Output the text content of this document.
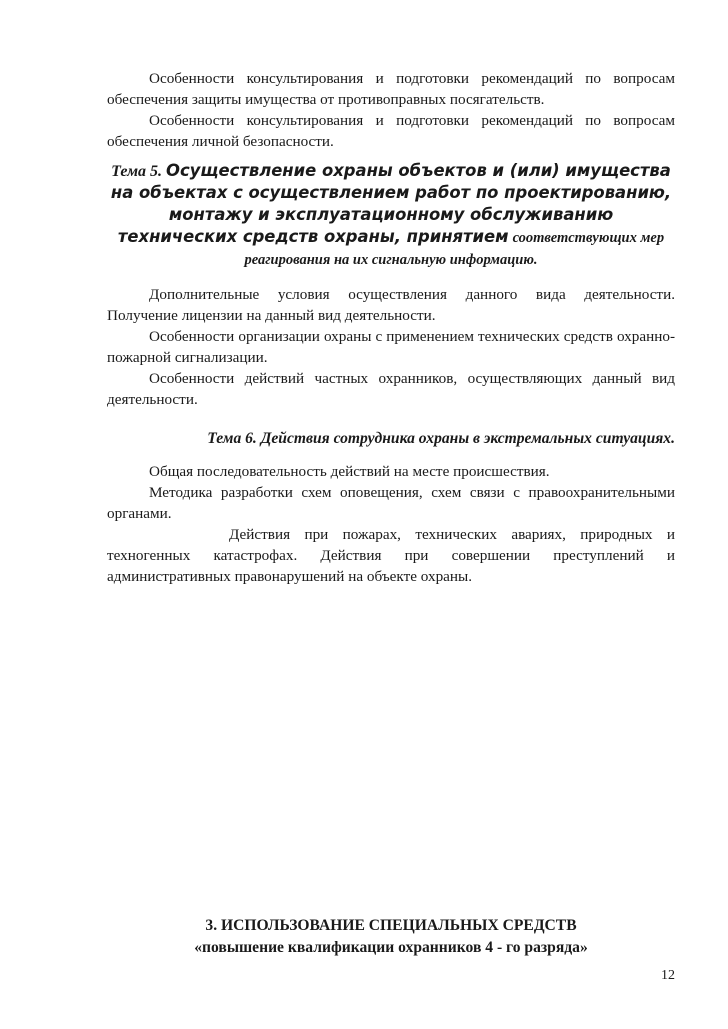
Особенности консультирования и подготовки рекомендаций по вопросам обеспечения защиты имущества от противоправных посягательств.

Особенности консультирования и подготовки рекомендаций по вопросам обеспечения личной безопасности.

Тема 5. Осуществление охраны объектов и (или) имущества на объектах с осуществлением работ по проектированию, монтажу и эксплуатационному обслуживанию технических средств охраны, принятием соответствующих мер реагирования на их сигнальную информацию.

Дополнительные условия осуществления данного вида деятельности. Получение лицензии на данный вид деятельности.

Особенности организации охраны с применением технических средств охранно-пожарной сигнализации.

Особенности действий частных охранников, осуществляющих данный вид деятельности.

Тема 6. Действия сотрудника охраны в экстремальных ситуациях.

Общая последовательность действий на месте происшествия.

Методика разработки схем оповещения, схем связи с правоохранительными органами.

Действия при пожарах, технических авариях, природных и техногенных катастрофах. Действия при совершении преступлений и административных правонарушений на объекте охраны.

3. ИСПОЛЬЗОВАНИЕ СПЕЦИАЛЬНЫХ СРЕДСТВ
«повышение квалификации охранников 4 - го разряда»
12
